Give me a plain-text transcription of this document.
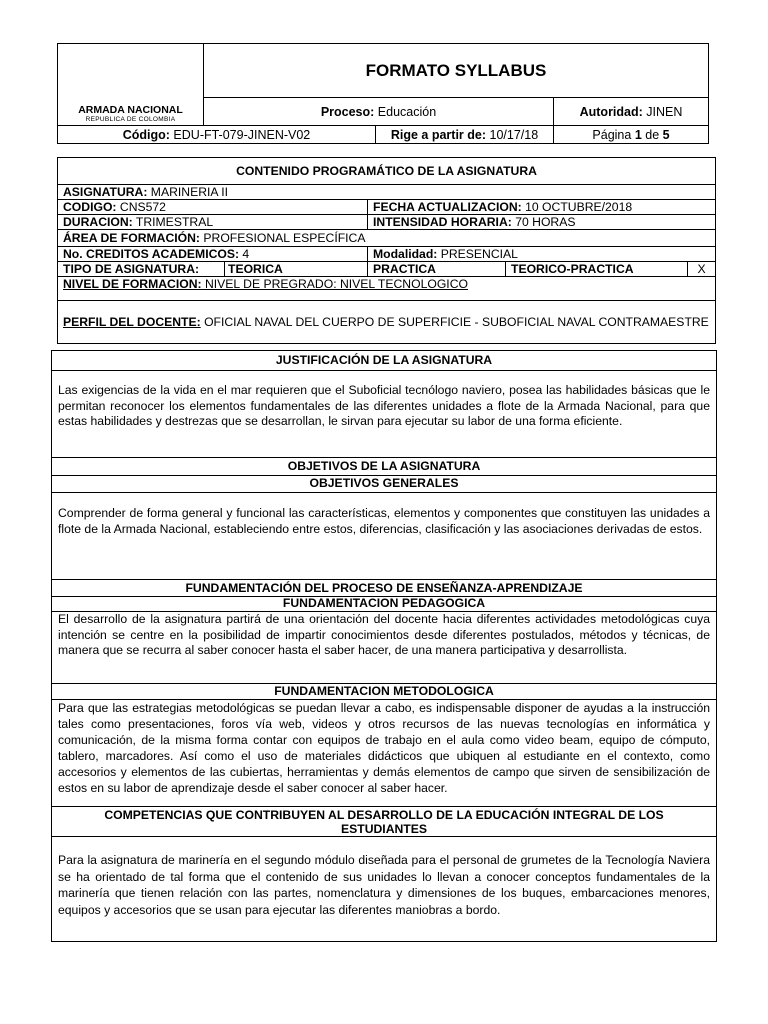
ARMADA NACIONAL
REPUBLICA DE COLOMBIA	FORMATO SYLLABUS		
	Proceso: Educación		Autoridad: JINEN
Código: EDU-FT-079-JINEN-V02		Rige a partir de: 10/17/18	Página 1 de 5
CONTENIDO PROGRAMÁTICO DE LA ASIGNATURA				
ASIGNATURA: MARINERIA II				
CODIGO: CNS572		FECHA ACTUALIZACION: 10 OCTUBRE/2018		
DURACION: TRIMESTRAL		INTENSIDAD HORARIA: 70 HORAS		
ÁREA DE FORMACIÓN: PROFESIONAL ESPECÍFICA				
No. CREDITOS ACADEMICOS: 4		Modalidad: PRESENCIAL		
TIPO DE ASIGNATURA:	TEORICA	PRACTICA	TEORICO-PRACTICA	X
NIVEL DE FORMACION: NIVEL DE PREGRADO: NIVEL TECNOLOGICO				
PERFIL DEL DOCENTE: OFICIAL NAVAL DEL CUERPO DE SUPERFICIE - SUBOFICIAL NAVAL CONTRAMAESTRE				
JUSTIFICACIÓN DE LA ASIGNATURA
Las exigencias de la vida en el mar requieren que el Suboficial tecnólogo naviero, posea las habilidades básicas que le permitan reconocer los elementos fundamentales de las diferentes unidades a flote de la Armada Nacional, para que estas habilidades y destrezas que se desarrollan, le sirvan para ejecutar su labor de una forma eficiente.
OBJETIVOS DE LA ASIGNATURA
OBJETIVOS GENERALES
Comprender de forma general y funcional las características, elementos y componentes que constituyen las unidades a flote de la Armada Nacional, estableciendo entre estos, diferencias, clasificación y las asociaciones derivadas de estos.
FUNDAMENTACIÓN DEL PROCESO DE ENSEÑANZA-APRENDIZAJE
FUNDAMENTACION PEDAGOGICA
El desarrollo de la asignatura partirá de una orientación del docente hacia diferentes actividades metodológicas cuya intención se centre en la posibilidad de impartir conocimientos desde diferentes postulados, métodos y técnicas, de manera que se recurra al saber conocer hasta el saber hacer, de una manera participativa y desarrollista.
FUNDAMENTACION METODOLOGICA
Para que las estrategias metodológicas se puedan llevar a cabo, es indispensable disponer de ayudas a la instrucción tales como presentaciones, foros vía web, videos y otros recursos de las nuevas tecnologías en informática y comunicación, de la misma forma contar con equipos de trabajo en el aula como video beam, equipo de cómputo, tablero, marcadores. Así como el uso de materiales didácticos que ubiquen al estudiante en el contexto, como accesorios y elementos de las cubiertas, herramientas y demás elementos de campo que sirven de sensibilización de estos en su labor de aprendizaje desde el saber conocer al saber hacer.
COMPETENCIAS QUE CONTRIBUYEN AL DESARROLLO DE LA EDUCACIÓN INTEGRAL DE LOS ESTUDIANTES
Para la asignatura de marinería en el segundo módulo diseñada para el personal de grumetes de la Tecnología Naviera se ha orientado de tal forma que el contenido de sus unidades lo llevan a conocer conceptos fundamentales de la marinería que tienen relación con las partes, nomenclatura y dimensiones de los buques, embarcaciones menores, equipos y accesorios que se usan para ejecutar las diferentes maniobras a bordo.
